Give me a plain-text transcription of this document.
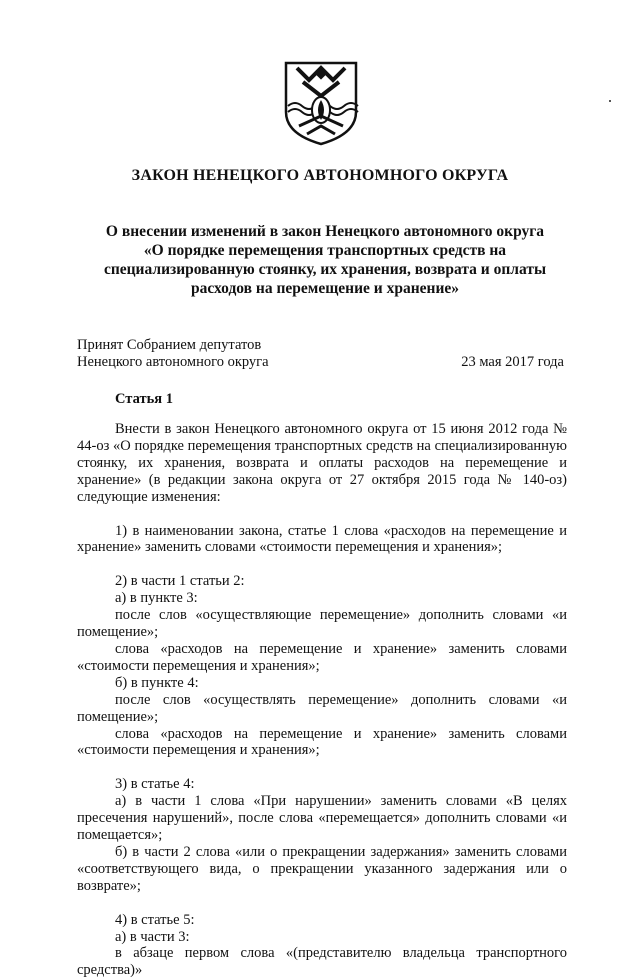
ЗАКОН НЕНЕЦКОГО АВТОНОМНОГО ОКРУГА
О внесении изменений в закон Ненецкого автономного округа
«О порядке перемещения транспортных средств на
специализированную стоянку, их хранения, возврата и оплаты
расходов на перемещение и хранение»
Принят Собранием депутатов
Ненецкого автономного округа	23 мая 2017 года
Статья 1

Внести в закон Ненецкого автономного округа от 15 июня 2012 года № 44-оз «О порядке перемещения транспортных средств на специализированную стоянку, их хранения, возврата и оплаты расходов на перемещение и хранение» (в редакции закона округа от 27 октября 2015 года № 140-оз) следующие изменения:

1) в наименовании закона, статье 1 слова «расходов на перемещение и хранение» заменить словами «стоимости перемещения и хранения»;

2) в части 1 статьи 2:

а) в пункте 3:

после слов «осуществляющие перемещение» дополнить словами «и помещение»;

слова «расходов на перемещение и хранение» заменить словами «стоимости перемещения и хранения»;

б) в пункте 4:

после слов «осуществлять перемещение» дополнить словами «и помещение»;

слова «расходов на перемещение и хранение» заменить словами «стоимости перемещения и хранения»;

3) в статье 4:

а) в части 1 слова «При нарушении» заменить словами «В целях пресечения нарушений», после слова «перемещается» дополнить словами «и помещается»;

б) в части 2 слова «или о прекращении задержания» заменить словами «соответствующего вида, о прекращении указанного задержания или о возврате»;

4) в статье 5:

а) в части 3:

в абзаце первом слова «(представителю владельца транспортного средства)»
